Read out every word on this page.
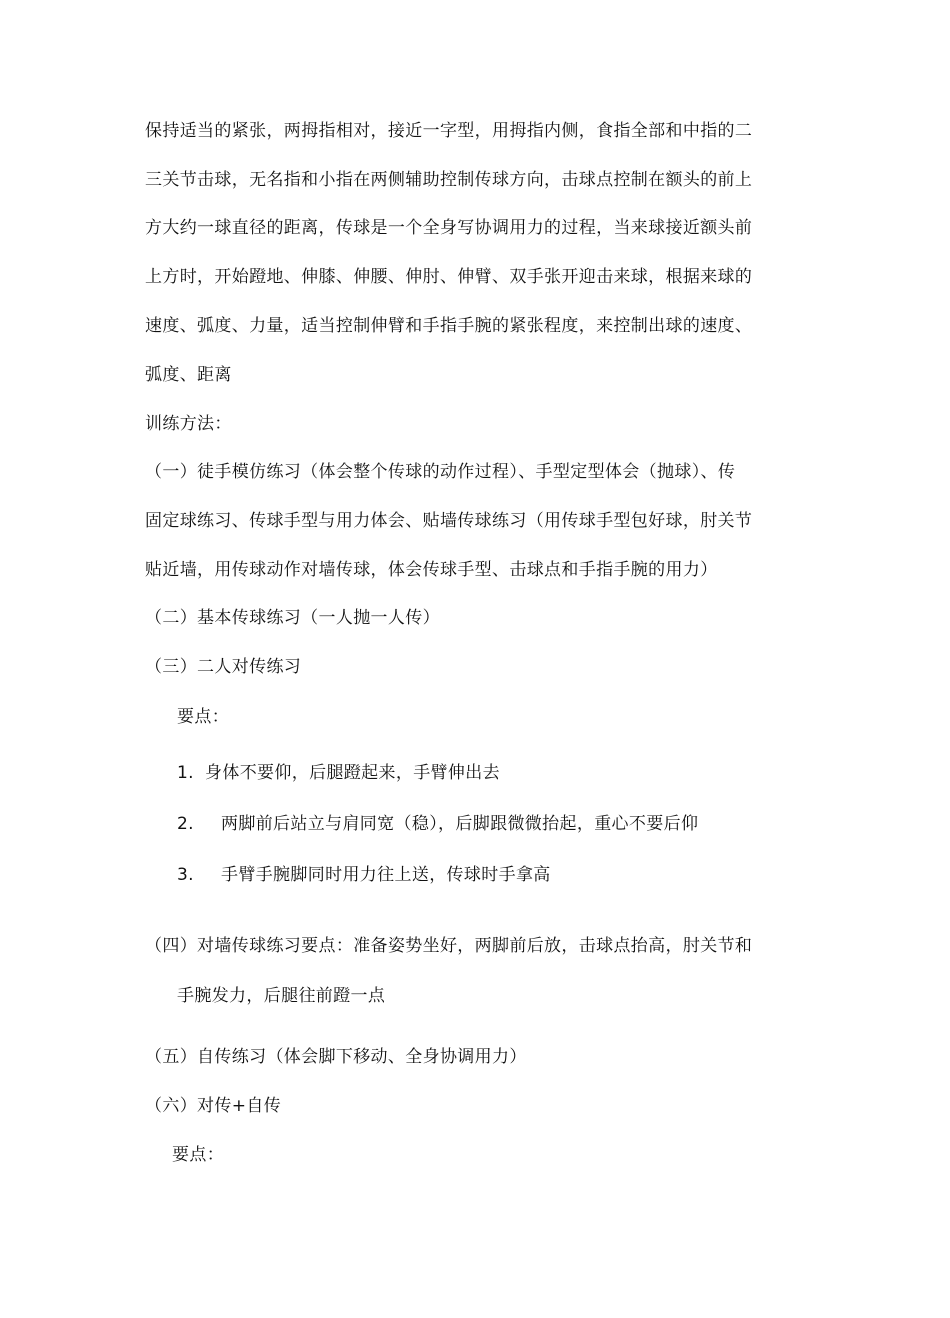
保持适当的紧张，两拇指相对，接近一字型，用拇指内侧，食指全部和中指的二
三关节击球，无名指和小指在两侧辅助控制传球方向，击球点控制在额头的前上
方大约一球直径的距离，传球是一个全身写协调用力的过程，当来球接近额头前
上方时，开始蹬地、伸膝、伸腰、伸肘、伸臂、双手张开迎击来球，根据来球的
速度、弧度、力量，适当控制伸臂和手指手腕的紧张程度，来控制出球的速度、
弧度、距离
训练方法：
（一）徒手模仿练习（体会整个传球的动作过程）、手型定型体会（抛球）、传
固定球练习、传球手型与用力体会、贴墙传球练习（用传球手型包好球，肘关节
贴近墙，用传球动作对墙传球，体会传球手型、击球点和手指手腕的用力）
（二）基本传球练习（一人抛一人传）
（三）二人对传练习
要点：
1. 身体不要仰，后腿蹬起来，手臂伸出去
2. 两脚前后站立与肩同宽（稳），后脚跟微微抬起，重心不要后仰
3. 手臂手腕脚同时用力往上送，传球时手拿高
（四）对墙传球练习要点：准备姿势坐好，两脚前后放，击球点抬高，肘关节和
手腕发力，后腿往前蹬一点
（五）自传练习（体会脚下移动、全身协调用力）
（六）对传+自传
要点：
